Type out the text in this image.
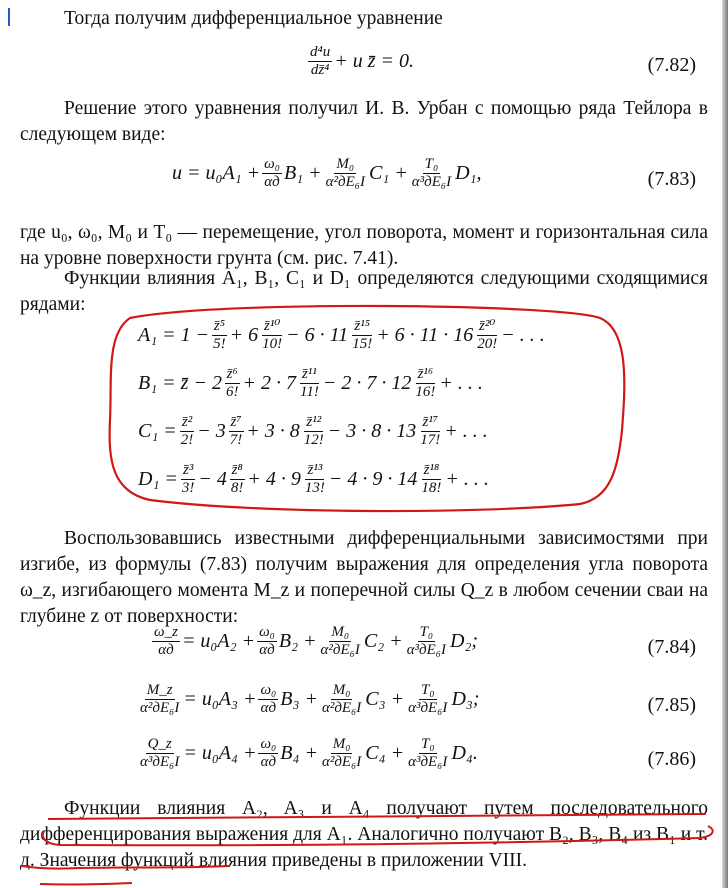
Тогда получим дифференциальное уравнение

$\frac{\text{d⁴u}}{\text{dz̄⁴}} + u$ z̄ = 0.	(7.82)

Решение этого уравнения получил И. В. Урбан с помощью ряда Тейлора в следующем виде:

$u = u_0A_1 + \frac{\text{ω₀}}{\alpha д} B_1 + \frac{\text{M₀}}{\text{α²дE₆I}} C_1 + \frac{\text{T₀}}{\text{α³дE₆I}} D_1$,	(7.83)

где u₀, ω₀, M₀ и T₀ — перемещение, угол поворота, момент и горизонтальная сила на уровне поверхности грунта (см. рис. 7.41).

Функции влияния A₁, B₁, C₁ и D₁ определяются следующими сходящимися рядами:

$A_1 = 1 - \frac{\text{z̄⁵}}{5!} + 6 \frac{\text{z̄¹⁰}}{10!} - 6 \cdot 11 \frac{\text{z̄¹⁵}}{15!} + 6 \cdot 11 \cdot 16 \frac{\text{z̄²⁰}}{20!}$ − . . .
B₁ = z̄ − $2 \frac{\text{z̄⁶}}{6!} + 2 \cdot 7 \frac{\text{z̄¹¹}}{11!} - 2 \cdot 7 \cdot 12 \frac{\text{z̄¹⁶}}{16!}$ + . . .
$C_1 = \frac{\text{z̄²}}{2!} - 3 \frac{\text{z̄⁷}}{7!} + 3 \cdot 8 \frac{\text{z̄¹²}}{12!} - 3 \cdot 8 \cdot 13 \frac{\text{z̄¹⁷}}{17!}$ + . . .
$D_1 = \frac{\text{z̄³}}{3!} - 4 \frac{\text{z̄⁸}}{8!} + 4 \cdot 9 \frac{\text{z̄¹³}}{13!} - 4 \cdot 9 \cdot 14 \frac{\text{z̄¹⁸}}{18!}$ + . . .

Воспользовавшись известными дифференциальными зависимостями при изгибе, из формулы (7.83) получим выражения для определения угла поворота ω_z, изгибающего момента M_z и поперечной силы Q_z в любом сечении сваи на глубине z от поверхности:

$\frac{\omega\_z}{\alpha д} = u_0A_2 + \frac{\text{ω₀}}{\alpha д} B_2 + \frac{\text{M₀}}{\text{α²дE₆I}} C_2 + \frac{\text{T₀}}{\text{α³дE₆I}} D_2$;	(7.84)
$\frac{M\_z}{\text{α²дE₆I}} = u_0A_3 + \frac{\text{ω₀}}{\alpha д} B_3 + \frac{\text{M₀}}{\text{α²дE₆I}} C_3 + \frac{\text{T₀}}{\text{α³дE₆I}} D_3$;	(7.85)
$\frac{Q\_z}{\text{α³дE₆I}} = u_0A_4 + \frac{\text{ω₀}}{\alpha д} B_4 + \frac{\text{M₀}}{\text{α²дE₆I}} C_4 + \frac{\text{T₀}}{\text{α³дE₆I}} D_4$.	(7.86)

Функции влияния A₂, A₃ и A₄ получают путем последовательного дифференцирования выражения для A₁. Аналогично получают B₂, B₃, B₄ из B₁ и т. д. Значения функций влияния приведены в приложении VIII.
